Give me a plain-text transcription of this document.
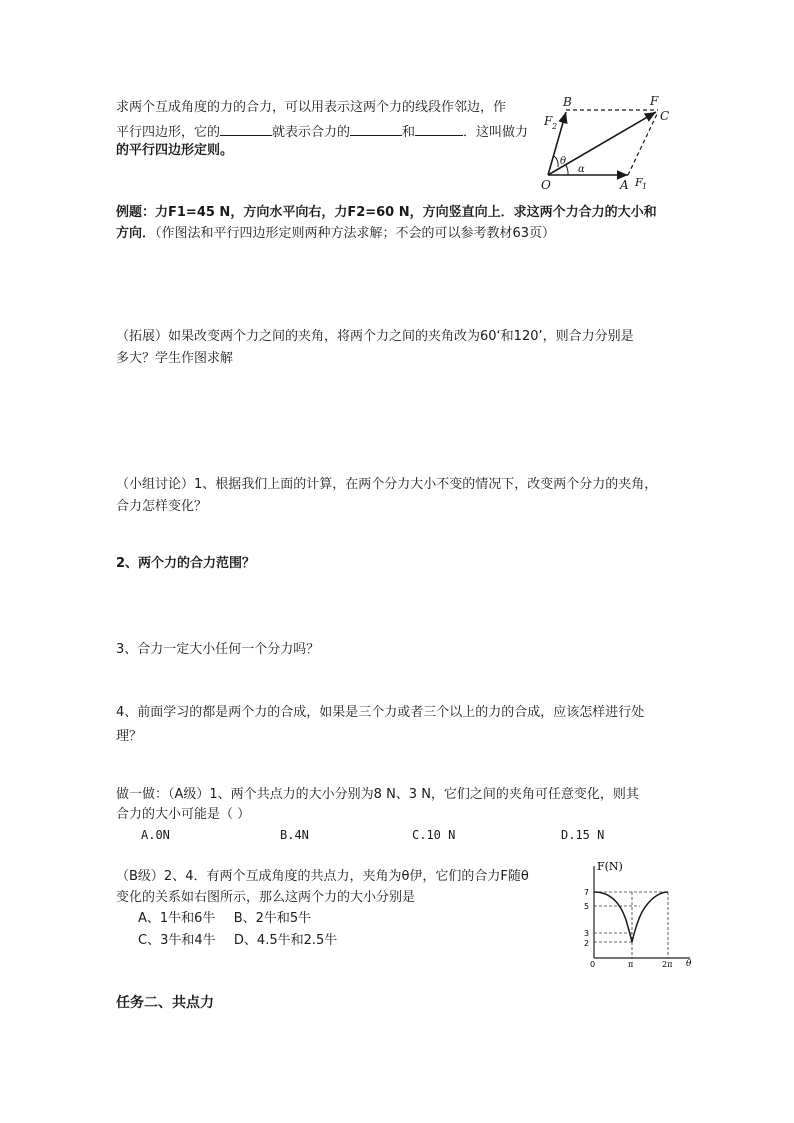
求两个互成角度的力的合力，可以用表示这两个力的线段作邻边，作
平行四边形，它的	就表示合力的	和	．这叫做力
的平行四边形定则。
B	F
C
F 2
O	A F 1
θ
α
例题：力F1=45 N，方向水平向右，力F2=60 N，方向竖直向上．求这两个力合力的大小和
方向．（作图法和平行四边形定则两种方法求解；不会的可以参考教材63页）
（拓展）如果改变两个力之间的夹角，将两个力之间的夹角改为60‘和120’，则合力分别是
多大？学生作图求解
（小组讨论）1、根据我们上面的计算，在两个分力大小不变的情况下，改变两个分力的夹角，
合力怎样变化？
2、两个力的合力范围？
3、合力一定大小任何一个分力吗？
4、前面学习的都是两个力的合成，如果是三个力或者三个以上的力的合成，应该怎样进行处
理？
做一做：（A级）1、两个共点力的大小分别为8 N、3 N，它们之间的夹角可任意变化，则其
合力的大小可能是（ ）
A.0N	B.4N	C.10 N	D.15 N
（B级）2、4．有两个互成角度的共点力，夹角为θ伊，它们的合力F随θ
变化的关系如右图所示，那么这两个力的大小分别是
A、1牛和6牛 B、2牛和5牛
C、3牛和4牛 D、4.5牛和2.5牛
F(N)
7
5
3
2
0	π	2π θ
任务二、共点力
